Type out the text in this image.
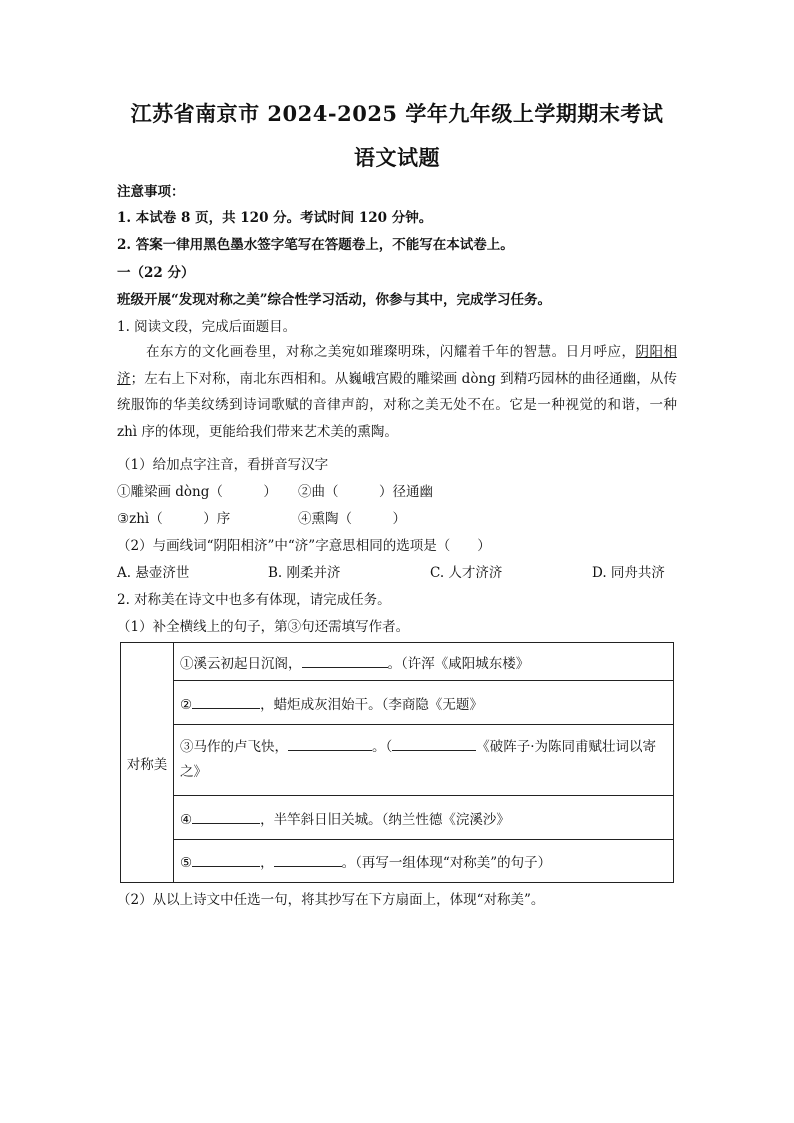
江苏省南京市 2024-2025 学年九年级上学期期末考试
语文试题
注意事项：
1. 本试卷 8 页，共 120 分。考试时间 120 分钟。
2. 答案一律用黑色墨水签字笔写在答题卷上，不能写在本试卷上。
一（22 分）
班级开展“发现对称之美”综合性学习活动，你参与其中，完成学习任务。
1. 阅读文段，完成后面题目。
在东方的文化画卷里，对称之美宛如璀璨明珠，闪耀着千年的智慧。日月呼应，阴阳相济；左右上下对称，南北东西相和。从巍峨宫殿的雕梁画 dòng 到精巧园林的曲径通幽，从传统服饰的华美纹绣到诗词歌赋的音律声韵，对称之美无处不在。它是一种视觉的和谐，一种 zhì 序的体现，更能给我们带来艺术美的熏陶。
（1）给加点字注音，看拼音写汉字
①雕梁画 dòng（　　　） ②曲（　　　）径通幽
③zhì（　　　）序	④熏陶（　　　）
（2）与画线词“阴阳相济”中“济”字意思相同的选项是（　　）
A. 悬壶济世	B. 刚柔并济	C. 人才济济	D. 同舟共济
2. 对称美在诗文中也多有体现，请完成任务。
（1）补全横线上的句子，第③句还需填写作者。
对称美	①溪云初起日沉阁，	。（许浑《咸阳城东楼》
②	，蜡炬成灰泪始干。（李商隐《无题》
③马作的卢飞快，	。（	《破阵子·为陈同甫赋壮词以寄之》
④	，半竿斜日旧关城。（纳兰性德《浣溪沙》
⑤	，	。（再写一组体现“对称美”的句子）
（2）从以上诗文中任选一句，将其抄写在下方扇面上，体现“对称美”。
